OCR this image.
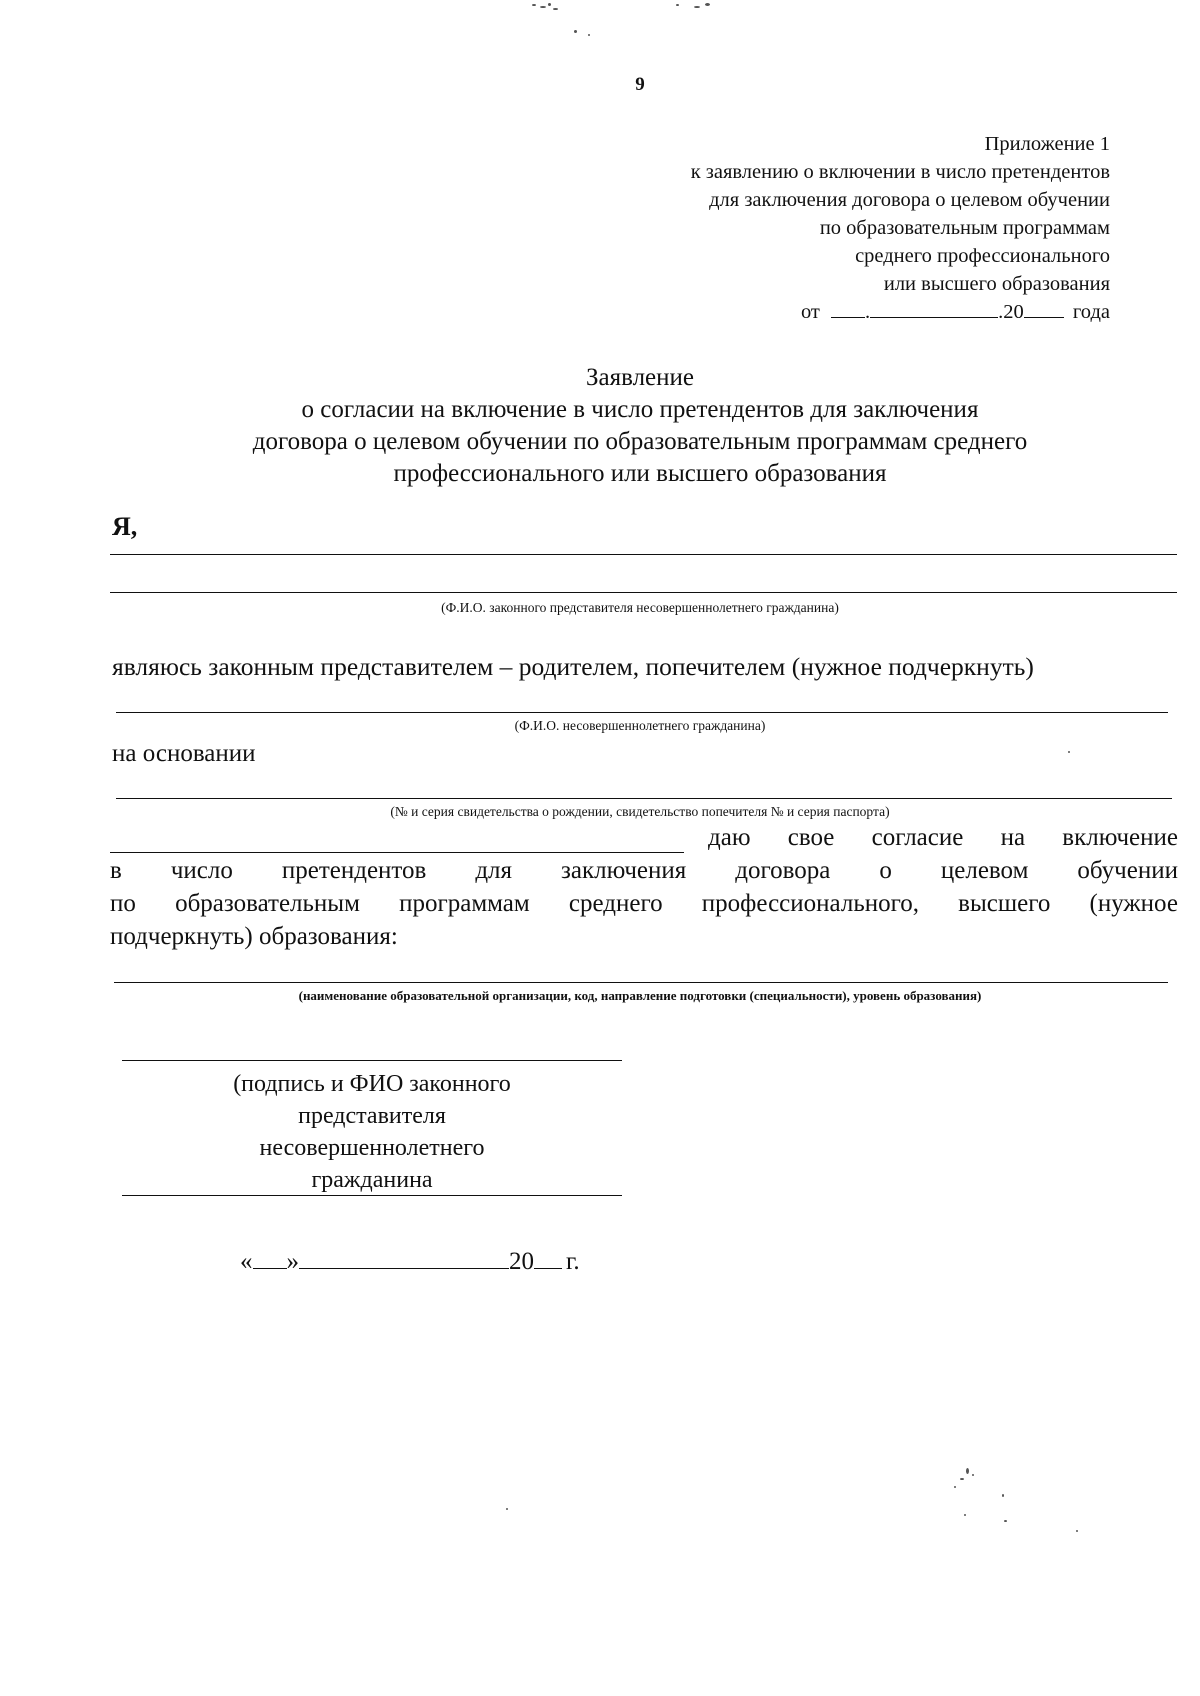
9
Приложение 1
к заявлению о включении в число претендентов
для заключения договора о целевом обучении
по образовательным программам
среднего профессионального
или высшего образования
от .	.20 года
Заявление
о согласии на включение в число претендентов для заключения
договора о целевом обучении по образовательным программам среднего
профессионального или высшего образования
Я,
(Ф.И.О. законного представителя несовершеннолетнего гражданина)
являюсь законным представителем – родителем, попечителем (нужное подчеркнуть)
(Ф.И.О. несовершеннолетнего гражданина)
на основании
(№ и серия свидетельства о рождении, свидетельство попечителя № и серия паспорта)
даю свое согласие на включение
в число претендентов для заключения договора о целевом обучении
по образовательным программам среднего профессионального, высшего (нужное
подчеркнуть) образования:
(наименование образовательной организации, код, направление подготовки (специальности), уровень образования)
(подпись и ФИО законного
представителя
несовершеннолетнего
гражданина
« »	20 г.
